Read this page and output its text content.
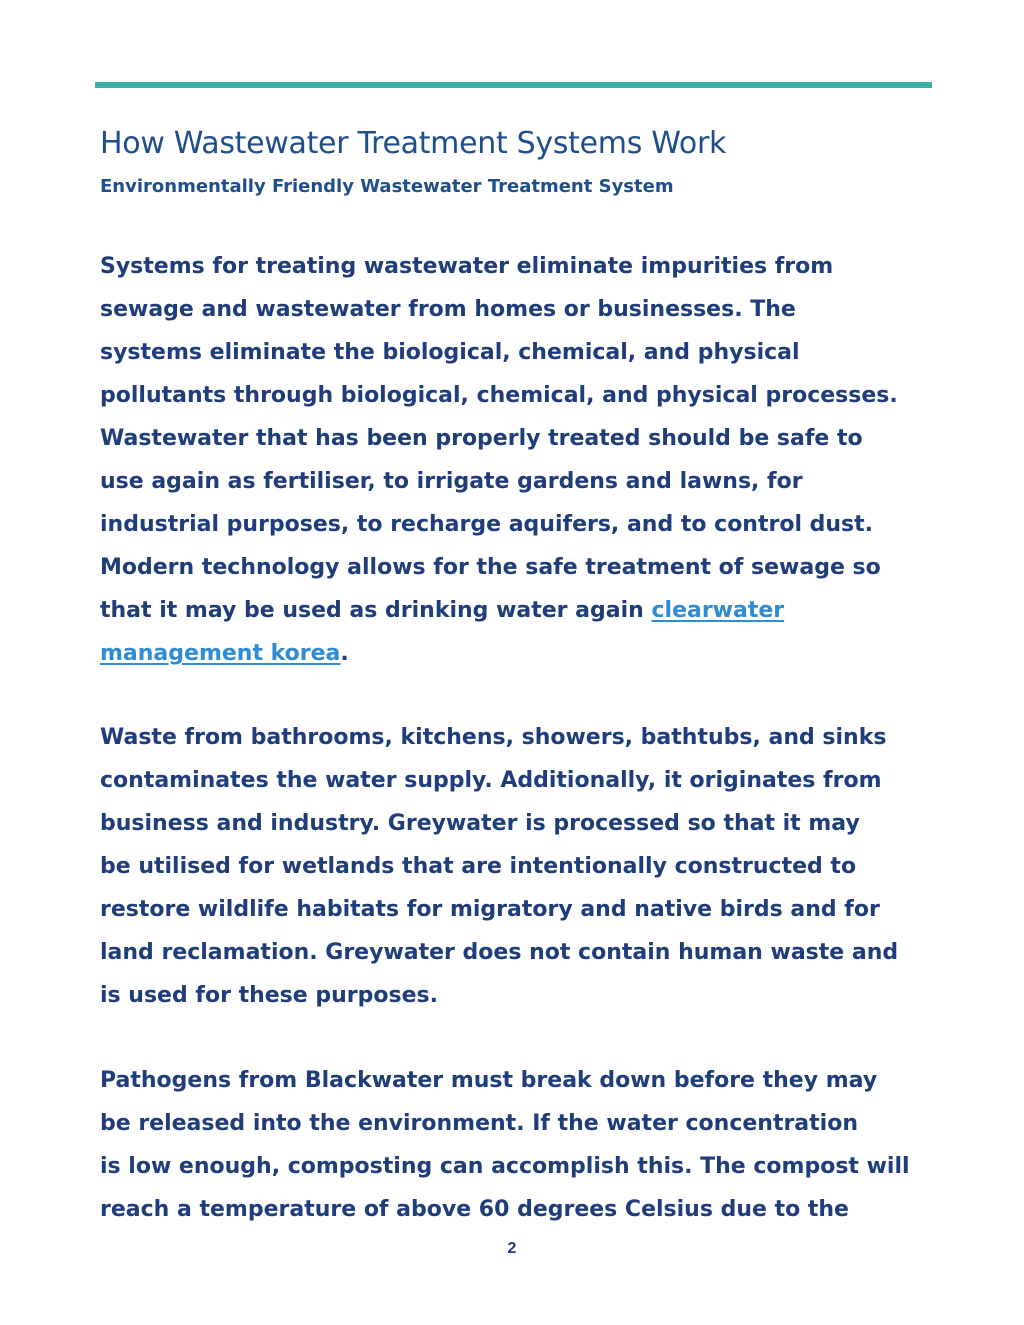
How Wastewater Treatment Systems Work
Environmentally Friendly Wastewater Treatment System
Systems for treating wastewater eliminate impurities from
sewage and wastewater from homes or businesses. The
systems eliminate the biological, chemical, and physical
pollutants through biological, chemical, and physical processes.
Wastewater that has been properly treated should be safe to
use again as fertiliser, to irrigate gardens and lawns, for
industrial purposes, to recharge aquifers, and to control dust.
Modern technology allows for the safe treatment of sewage so
that it may be used as drinking water again clearwater
management korea.
Waste from bathrooms, kitchens, showers, bathtubs, and sinks
contaminates the water supply. Additionally, it originates from
business and industry. Greywater is processed so that it may
be utilised for wetlands that are intentionally constructed to
restore wildlife habitats for migratory and native birds and for
land reclamation. Greywater does not contain human waste and
is used for these purposes.
Pathogens from Blackwater must break down before they may
be released into the environment. If the water concentration
is low enough, composting can accomplish this. The compost will
reach a temperature of above 60 degrees Celsius due to the
2
